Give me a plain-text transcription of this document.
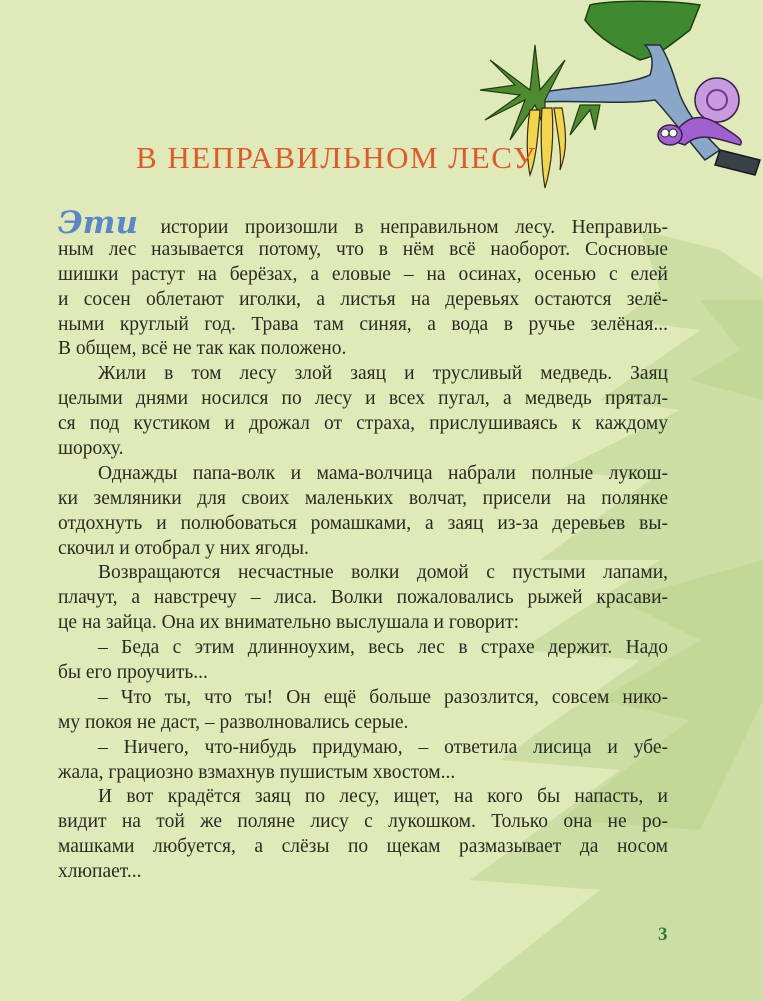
В НЕПРАВИЛЬНОМ ЛЕСУ
Эти истории произошли в неправильном лесу. Неправиль-
ным лес называется потому, что в нём всё наоборот. Сосновые
шишки растут на берёзах, а еловые – на осинах, осенью с елей
и сосен облетают иголки, а листья на деревьях остаются зелё-
ными круглый год. Трава там синяя, а вода в ручье зелёная...
В общем, всё не так как положено.
Жили в том лесу злой заяц и трусливый медведь. Заяц
целыми днями носился по лесу и всех пугал, а медведь прятал-
ся под кустиком и дрожал от страха, прислушиваясь к каждому
шороху.
Однажды папа-волк и мама-волчица набрали полные лукош-
ки земляники для своих маленьких волчат, присели на полянке
отдохнуть и полюбоваться ромашками, а заяц из-за деревьев вы-
скочил и отобрал у них ягоды.
Возвращаются несчастные волки домой с пустыми лапами,
плачут, а навстречу – лиса. Волки пожаловались рыжей красави-
це на зайца. Она их внимательно выслушала и говорит:
– Беда с этим длинноухим, весь лес в страхе держит. Надо
бы его проучить...
– Что ты, что ты! Он ещё больше разозлится, совсем нико-
му покоя не даст, – разволновались серые.
– Ничего, что-нибудь придумаю, – ответила лисица и убе-
жала, грациозно взмахнув пушистым хвостом...
И вот крадётся заяц по лесу, ищет, на кого бы напасть, и
видит на той же поляне лису с лукошком. Только она не ро-
машками любуется, а слёзы по щекам размазывает да носом
хлюпает...
3
